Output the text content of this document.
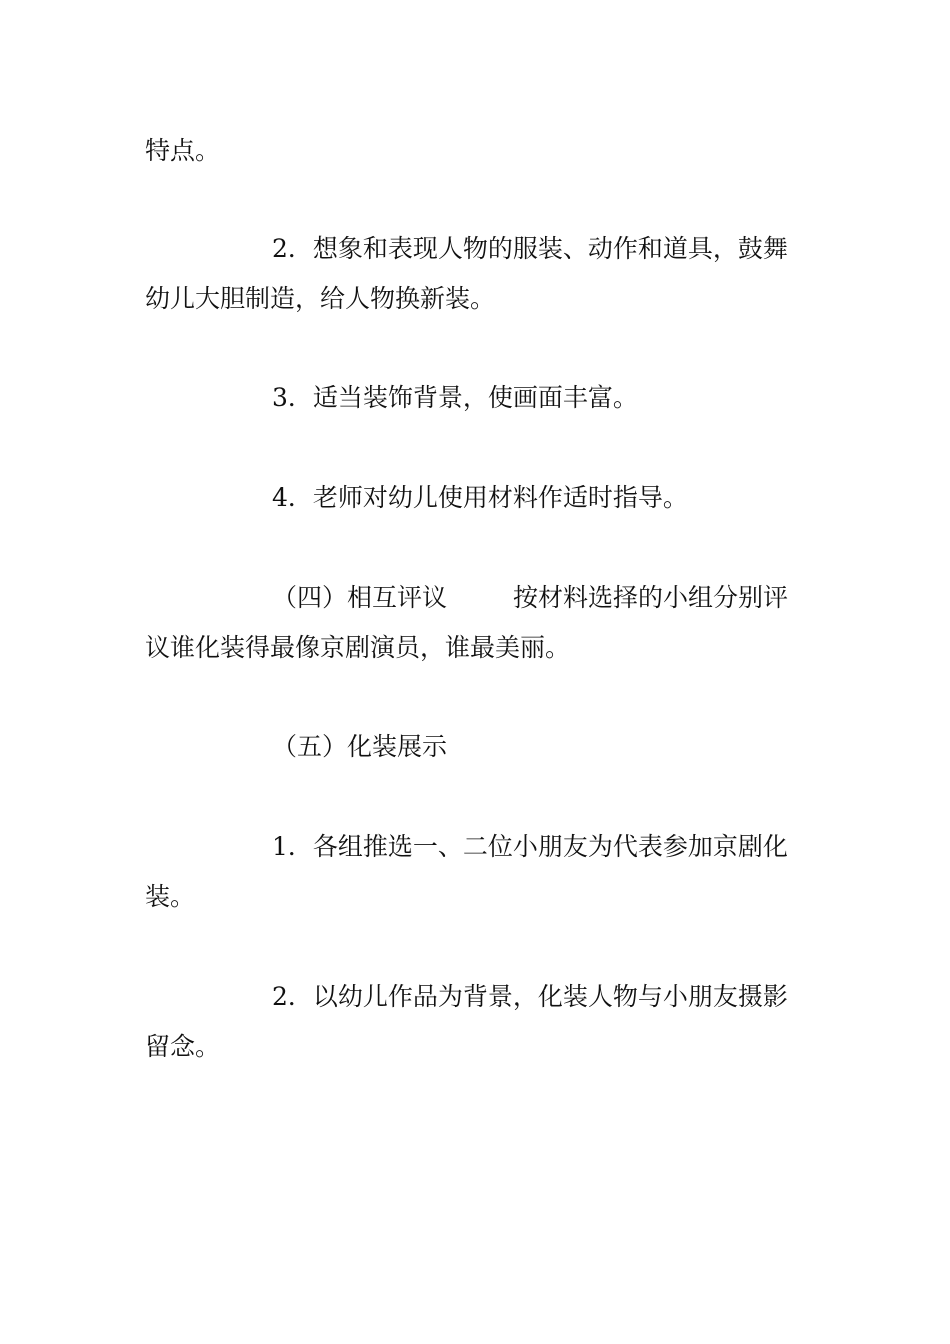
特点。
2．想象和表现人物的服装、动作和道具，鼓舞
幼儿大胆制造，给人物换新装。
3．适当装饰背景，使画面丰富。
4．老师对幼儿使用材料作适时指导。
（四）相互评议	按材料选择的小组分别评
议谁化装得最像京剧演员，谁最美丽。
（五）化装展示
1．各组推选一、二位小朋友为代表参加京剧化
装。
2．以幼儿作品为背景，化装人物与小朋友摄影
留念。
